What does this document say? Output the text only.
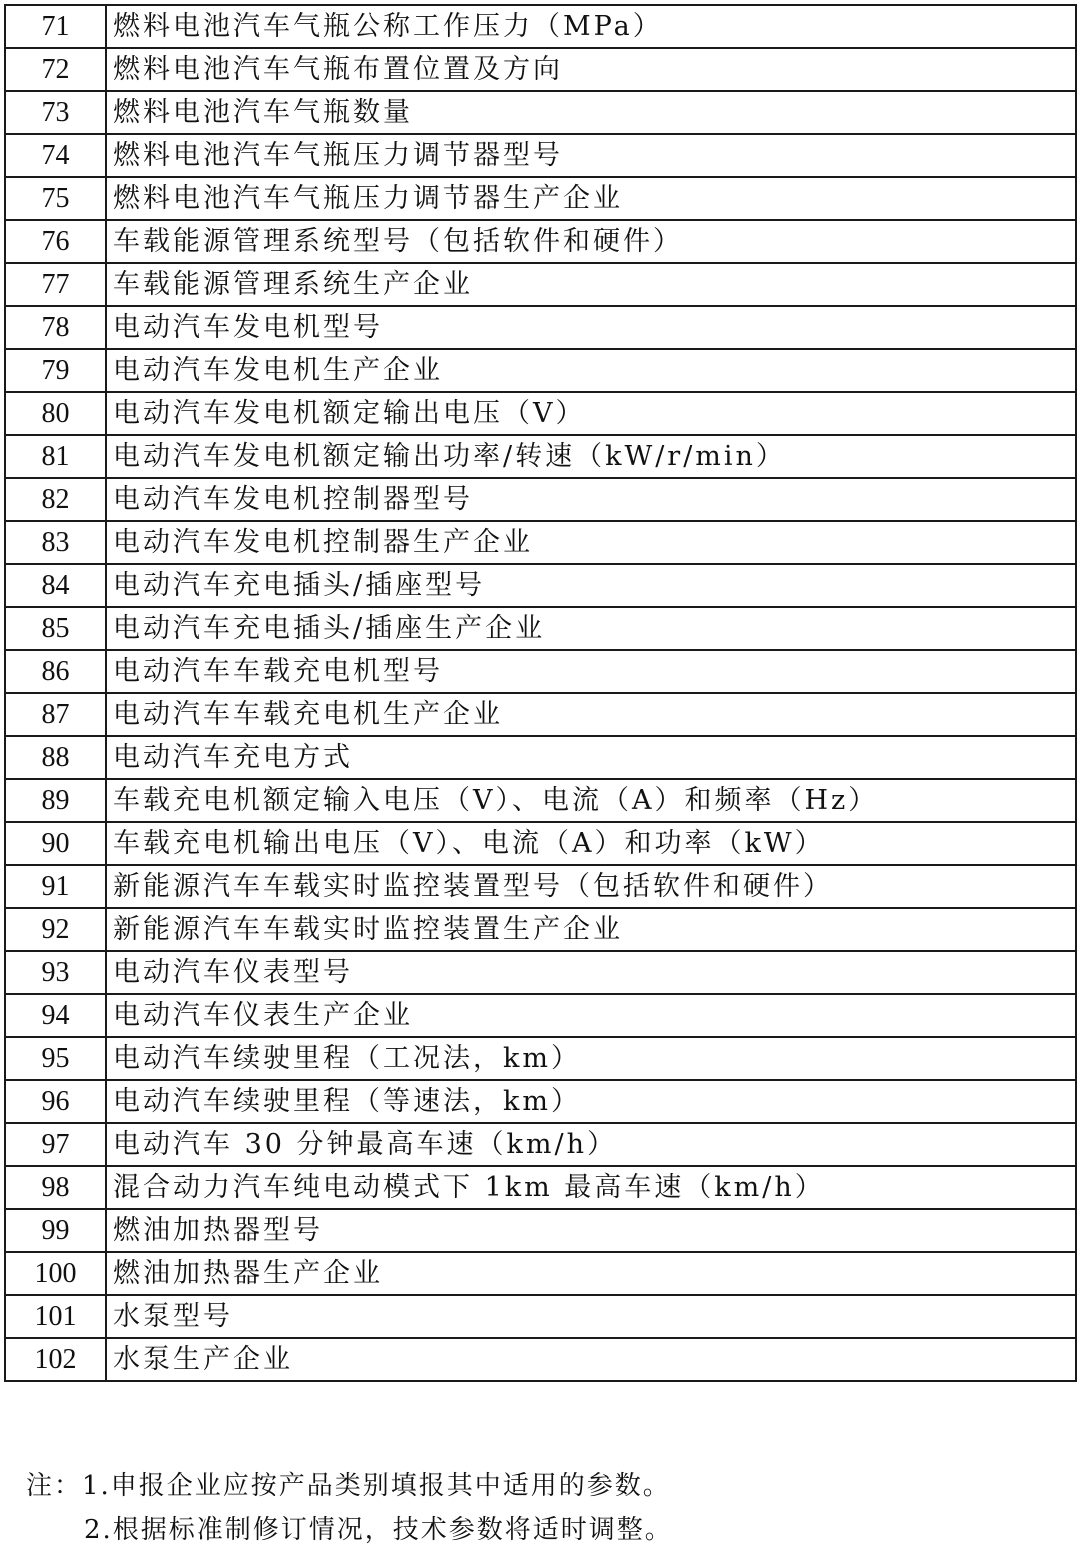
71	燃料电池汽车气瓶公称工作压力（MPa）
72	燃料电池汽车气瓶布置位置及方向
73	燃料电池汽车气瓶数量
74	燃料电池汽车气瓶压力调节器型号
75	燃料电池汽车气瓶压力调节器生产企业
76	车载能源管理系统型号（包括软件和硬件）
77	车载能源管理系统生产企业
78	电动汽车发电机型号
79	电动汽车发电机生产企业
80	电动汽车发电机额定输出电压（V）
81	电动汽车发电机额定输出功率/转速（kW/r/min）
82	电动汽车发电机控制器型号
83	电动汽车发电机控制器生产企业
84	电动汽车充电插头/插座型号
85	电动汽车充电插头/插座生产企业
86	电动汽车车载充电机型号
87	电动汽车车载充电机生产企业
88	电动汽车充电方式
89	车载充电机额定输入电压（V）、电流（A）和频率（Hz）
90	车载充电机输出电压（V）、电流（A）和功率（kW）
91	新能源汽车车载实时监控装置型号（包括软件和硬件）
92	新能源汽车车载实时监控装置生产企业
93	电动汽车仪表型号
94	电动汽车仪表生产企业
95	电动汽车续驶里程（工况法，km）
96	电动汽车续驶里程（等速法，km）
97	电动汽车 30 分钟最高车速（km/h）
98	混合动力汽车纯电动模式下 1km 最高车速（km/h）
99	燃油加热器型号
100	燃油加热器生产企业
101	水泵型号
102	水泵生产企业
注：1.申报企业应按产品类别填报其中适用的参数。
2.根据标准制修订情况，技术参数将适时调整。
